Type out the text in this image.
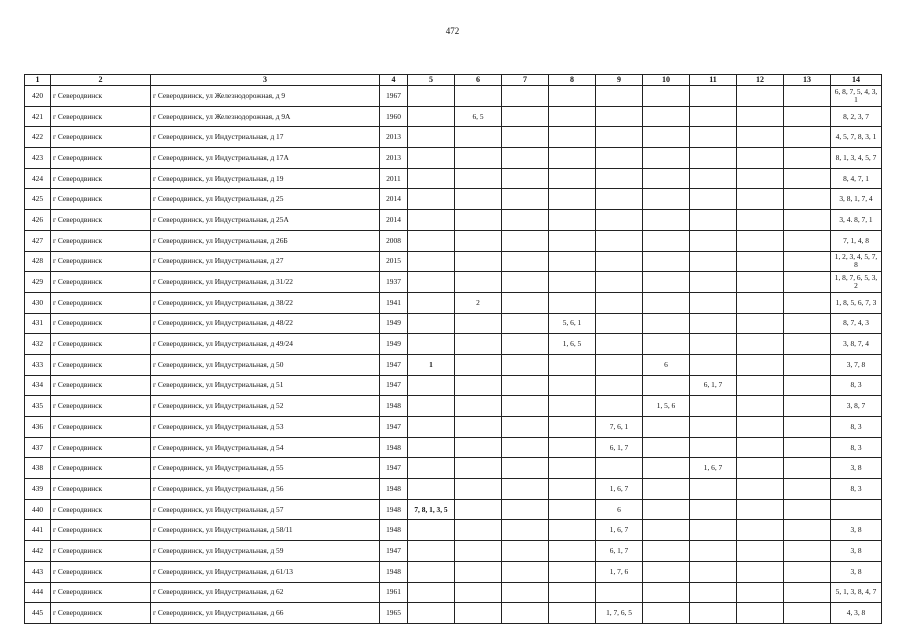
472
1	2	3	4	5	6	7	8	9	10	11	12	13	14
420	г Северодвинск	г Северодвинск, ул Железнодорожная, д 9	1967										6, 8, 7, 5, 4, 3, 1
421	г Северодвинск	г Северодвинск, ул Железнодорожная, д 9А	1960		6, 5								8, 2, 3, 7
422	г Северодвинск	г Северодвинск, ул Индустриальная, д 17	2013										4, 5, 7, 8, 3, 1
423	г Северодвинск	г Северодвинск, ул Индустриальная, д 17А	2013										8, 1, 3, 4, 5, 7
424	г Северодвинск	г Северодвинск, ул Индустриальная, д 19	2011										8, 4, 7, 1
425	г Северодвинск	г Северодвинск, ул Индустриальная, д 25	2014										3, 8, 1, 7, 4
426	г Северодвинск	г Северодвинск, ул Индустриальная, д 25А	2014										3, 4. 8, 7, 1
427	г Северодвинск	г Северодвинск, ул Индустриальная, д 26Б	2008										7, 1, 4, 8
428	г Северодвинск	г Северодвинск, ул Индустриальная, д 27	2015										1, 2, 3, 4, 5, 7, 8
429	г Северодвинск	г Северодвинск, ул Индустриальная, д 31/22	1937										1, 8, 7, 6, 5, 3, 2
430	г Северодвинск	г Северодвинск, ул Индустриальная, д 38/22	1941		2								1, 8, 5, 6, 7, 3
431	г Северодвинск	г Северодвинск, ул Индустриальная, д 48/22	1949				5, 6, 1						8, 7, 4, 3
432	г Северодвинск	г Северодвинск, ул Индустриальная, д 49/24	1949				1, 6, 5						3, 8, 7, 4
433	г Северодвинск	г Северодвинск, ул Индустриальная, д 50	1947	1					6				3, 7, 8
434	г Северодвинск	г Северодвинск, ул Индустриальная, д 51	1947							6, 1, 7			8, 3
435	г Северодвинск	г Северодвинск, ул Индустриальная, д 52	1948						1, 5, 6				3, 8, 7
436	г Северодвинск	г Северодвинск, ул Индустриальная, д 53	1947					7, 6, 1					8, 3
437	г Северодвинск	г Северодвинск, ул Индустриальная, д 54	1948					6, 1, 7					8, 3
438	г Северодвинск	г Северодвинск, ул Индустриальная, д 55	1947							1, 6, 7			3, 8
439	г Северодвинск	г Северодвинск, ул Индустриальная, д 56	1948					1, 6, 7					8, 3
440	г Северодвинск	г Северодвинск, ул Индустриальная, д 57	1948	7, 8, 1, 3, 5				6					
441	г Северодвинск	г Северодвинск, ул Индустриальная, д 58/11	1948					1, 6, 7					3, 8
442	г Северодвинск	г Северодвинск, ул Индустриальная, д 59	1947					6, 1, 7					3, 8
443	г Северодвинск	г Северодвинск, ул Индустриальная, д 61/13	1948					1, 7, 6					3, 8
444	г Северодвинск	г Северодвинск, ул Индустриальная, д 62	1961										5, 1, 3, 8, 4, 7
445	г Северодвинск	г Северодвинск, ул Индустриальная, д 66	1965					1, 7, 6, 5					4, 3, 8
